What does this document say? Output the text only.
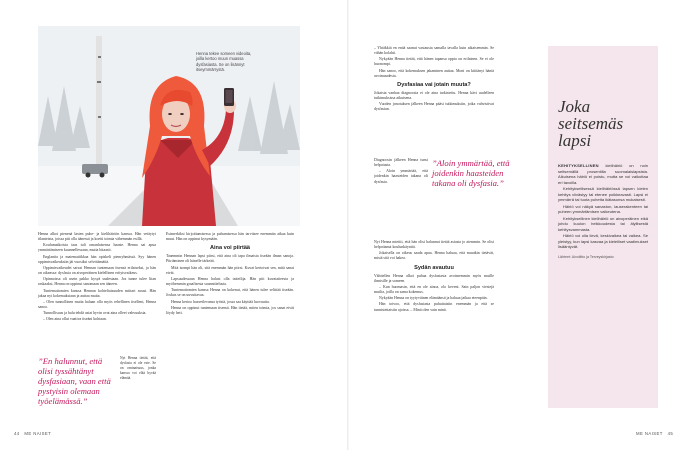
Henna tekee someen videoita, joilla kertoo muun muassa dysfasiasta. Se on lisännyt itseymmärrystä.

Henna alkoi pienenä lasten puhe- ja kielihäiriön kanssa. Hän vetäytyi tilanteista, joissa piti olla äänessä ja koetti toimia vähemmän esillä.

Koulumatkoista taas tuli omanlaisensa haaste. Henna sai apua ymmärtämiseen kuunnellessaan, mutta hitaasti.

Englantia ja matematiikkaa hän opiskeli pienryhmässä. Syy hänen oppimisvaikeuksiin jäi vuosiksi selvittämättä.

Oppimisvaikeudet saivat Hennan tuntemaan itsensä erilaiseksi, ja hän on oikeassa: dysfasia on aivoperäinen kielellinen erityisvaikeus.

Opinnoissa oli usein pakko kysyä uudestaan. Jos tunne tulee liian raskaaksi, Henna on oppinut sanomaan sen ääneen.

Tuntemattomien kanssa Hennan kohteliaisuuden mittari nousi. Hän jakaa nyt kokemuksiaan ja auttaa muita.

– Olen tunnollinen mutta haluan olla myös rehellinen itselleni, Henna sanoo.

Tunnollisuus ja halu tehdä asiat hyvin ovat aina olleet vahvuuksia.

– Olen aina ollut vaativa itseäni kohtaan.

”En halunnut, että olisi tyssähtänyt dysfasiaan, vaan että pystyisin olemaan työelämässä.”

Nyt Henna tietää, että dysfasia ei ole este. Se on ominaisuus, jonka kanssa voi elää hyvää elämää.

Esimerkiksi kirjoittamisessa ja puhumisessa hän tarvitsee enemmän aikaa kuin muut. Hän on oppinut kysymään.

Aina voi piirtää

Taaemmin Hennan lapsi piirsi, että aina oli tapa ilmaista itseään ilman sanoja. Piirtäminen oli hänelle tärkeää.

Mitä isompi hän oli, sitä enemmän hän piirsi. Kuvat kertoivat sen, mitä sanat eivät.

Lapsuudessaan Henna halusi olla taiteilija. Hän piti kuvataiteesta ja myöhemmin graafisesta suunnittelusta.

Tuntemattomien kanssa Henna on kokenut, että hänen tulee selittää itseään. Joskus se on uuvuttavaa.

Henna kertoo haaveilevansa työstä, jossa saa käyttää luovuutta.

Henna on oppinut tuntemaan itsensä. Hän tietää, miten toimia, jos sanat eivät löydy heti.

– Yhtäkkiä en enää saanut vastausta samalla tavalla kuin aikaisemmin. Se vähän kolahti.

Nykyään Henna tietää, että hänen tapansa oppia on erilainen. Se ei ole huonompi.

Hän sanoo, että kokemuksen jakaminen auttaa. Moni on kiittänyt häntä avoimuudesta.

Dysfasiaa vai jotain muuta?

Jokaista vanhaa diagnoosia ei ole aina tarkistettu. Henna kävi uudelleen tutkimuksissa aikuisena.

Vuoden jonotuksen jälkeen Henna pääsi tutkimuksiin, jotka vahvistivat dysfasian.

Diagnoosin jälkeen Henna tunsi helpotusta.

– Aloin ymmärtää, että joidenkin haasteiden takana oli dysfasia.

”Aloin ymmärtää, että joidenkin haasteiden takana oli dysfasia.”

Nyt Henna miettii, että hän olisi halunnut tietää asiasta jo aiemmin. Se olisi helpottanut koulunkäyntiä.

Jokaisella on oikeus saada apua. Henna haluaa, että muutkin tietävät, mistä sitä voi hakea.

Sydän avautuu

Vähitellen Henna alkoi puhua dysfasiasta avoimemmin myös muille ihmisille ja someen.

– Kun huomasin, että en ole ainoa, olo keveni. Sain paljon viestejä muilta, joilla on sama kokemus.

Nykyään Henna on tyytyväinen elämäänsä ja haluaa jatkaa eteenpäin.

Hän toivoo, että dysfasiasta puhuttaisiin enemmän ja että se tunnistettaisiin ajoissa. – Minä olen vain minä.

Joka seitsemäs lapsi

KEHITYKSELLINEN kielihäiriö on noin seitsemällä prosentilla suomalaislapsista. Aikuisena häiriö ei poistu, mutta se voi vaikuttaa eri tavoilla.

Kehityksellisessä kielihäiriössä lapsen kielen kehitys viivästyy tai etenee poikkeavasti. Lapsi ei ymmärrä tai tuota puhetta ikätasonsa mukaisesti.

Häiriö voi näkyä sanaston, lauserakenteen tai puheen ymmärtämisen vaikeutena.

Kehityksellinen kielihäiriö on aivoperäinen eikä johdu kuulon heikkoudesta tai älyllisestä kehitysvammasta.

Häiriö voi olla lievä, keskivaikea tai vaikea. Se yleistyy, kun lapsi kasvaa ja kielelliset vaatimukset lisääntyvät.

Lähteet: Aivoliitto ja Terveyskirjasto
44 ME NAISET	ME NAISET 45
